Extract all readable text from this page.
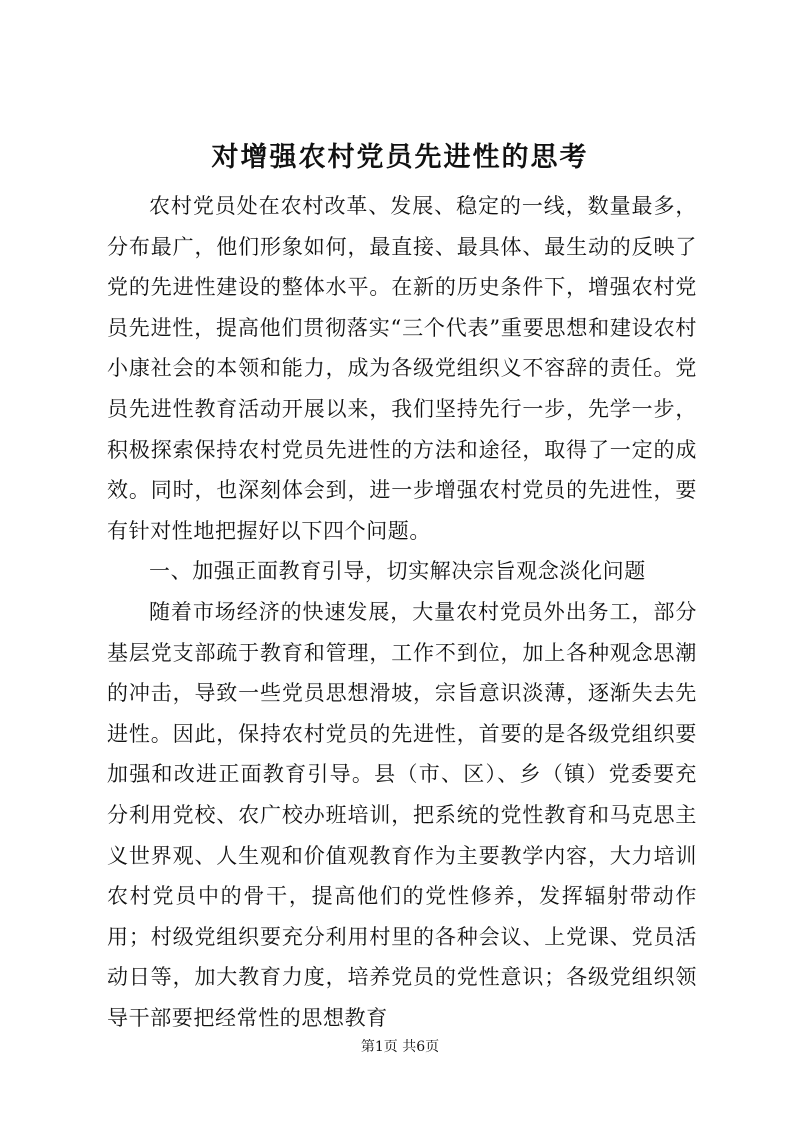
对增强农村党员先进性的思考

农村党员处在农村改革、发展、稳定的一线，数量最多，分布最广，他们形象如何，最直接、最具体、最生动的反映了党的先进性建设的整体水平。在新的历史条件下，增强农村党员先进性，提高他们贯彻落实“三个代表”重要思想和建设农村小康社会的本领和能力，成为各级党组织义不容辞的责任。党员先进性教育活动开展以来，我们坚持先行一步，先学一步，积极探索保持农村党员先进性的方法和途径，取得了一定的成效。同时，也深刻体会到，进一步增强农村党员的先进性，要有针对性地把握好以下四个问题。

一、加强正面教育引导，切实解决宗旨观念淡化问题

随着市场经济的快速发展，大量农村党员外出务工，部分基层党支部疏于教育和管理，工作不到位，加上各种观念思潮的冲击，导致一些党员思想滑坡，宗旨意识淡薄，逐渐失去先进性。因此，保持农村党员的先进性，首要的是各级党组织要加强和改进正面教育引导。县（市、区）、乡（镇）党委要充分利用党校、农广校办班培训，把系统的党性教育和马克思主义世界观、人生观和价值观教育作为主要教学内容，大力培训农村党员中的骨干，提高他们的党性修养，发挥辐射带动作用；村级党组织要充分利用村里的各种会议、上党课、党员活动日等，加大教育力度，培养党员的党性意识；各级党组织领导干部要把经常性的思想教育

第1页 共6页
